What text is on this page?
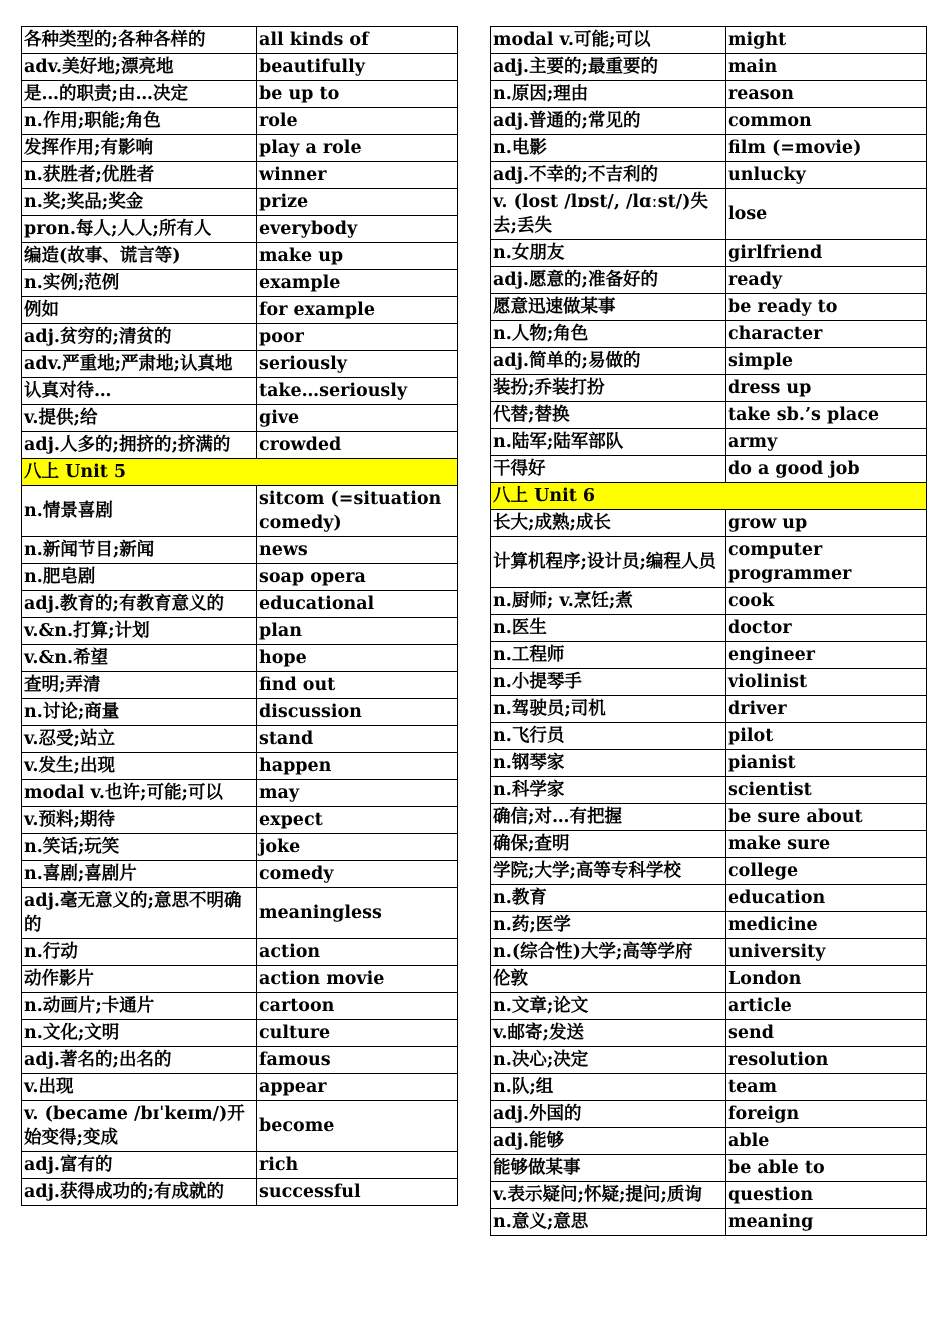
各种类型的;各种各样的	all kinds of
adv.美好地;漂亮地	beautifully
是…的职责;由…决定	be up to
n.作用;职能;角色	role
发挥作用;有影响	play a role
n.获胜者;优胜者	winner
n.奖;奖品;奖金	prize
pron.每人;人人;所有人	everybody
编造(故事、谎言等)	make up
n.实例;范例	example
例如	for example
adj.贫穷的;清贫的	poor
adv.严重地;严肃地;认真地	seriously
认真对待…	take…seriously
v.提供;给	give
adj.人多的;拥挤的;挤满的	crowded
八上 Unit 5	
n.情景喜剧	sitcom (=situation comedy)
n.新闻节目;新闻	news
n.肥皂剧	soap opera
adj.教育的;有教育意义的	educational
v.&n.打算;计划	plan
v.&n.希望	hope
查明;弄清	find out
n.讨论;商量	discussion
v.忍受;站立	stand
v.发生;出现	happen
modal v.也许;可能;可以	may
v.预料;期待	expect
n.笑话;玩笑	joke
n.喜剧;喜剧片	comedy
adj.毫无意义的;意思不明确的	meaningless
n.行动	action
动作影片	action movie
n.动画片;卡通片	cartoon
n.文化;文明	culture
adj.著名的;出名的	famous
v.出现	appear
v. (became /bɪˈkeɪm/)开始变得;变成	become
adj.富有的	rich
adj.获得成功的;有成就的	successful
modal v.可能;可以	might
adj.主要的;最重要的	main
n.原因;理由	reason
adj.普通的;常见的	common
n.电影	film (=movie)
adj.不幸的;不吉利的	unlucky
v. (lost /lɒst/, /lɑːst/)失去;丢失	lose
n.女朋友	girlfriend
adj.愿意的;准备好的	ready
愿意迅速做某事	be ready to
n.人物;角色	character
adj.简单的;易做的	simple
装扮;乔装打扮	dress up
代替;替换	take sb.’s place
n.陆军;陆军部队	army
干得好	do a good job
八上 Unit 6	
长大;成熟;成长	grow up
计算机程序;设计员;编程人员	computer programmer
n.厨师; v.烹饪;煮	cook
n.医生	doctor
n.工程师	engineer
n.小提琴手	violinist
n.驾驶员;司机	driver
n.飞行员	pilot
n.钢琴家	pianist
n.科学家	scientist
确信;对…有把握	be sure about
确保;查明	make sure
学院;大学;高等专科学校	college
n.教育	education
n.药;医学	medicine
n.(综合性)大学;高等学府	university
伦敦	London
n.文章;论文	article
v.邮寄;发送	send
n.决心;决定	resolution
n.队;组	team
adj.外国的	foreign
adj.能够	able
能够做某事	be able to
v.表示疑问;怀疑;提问;质询	question
n.意义;意思	meaning
